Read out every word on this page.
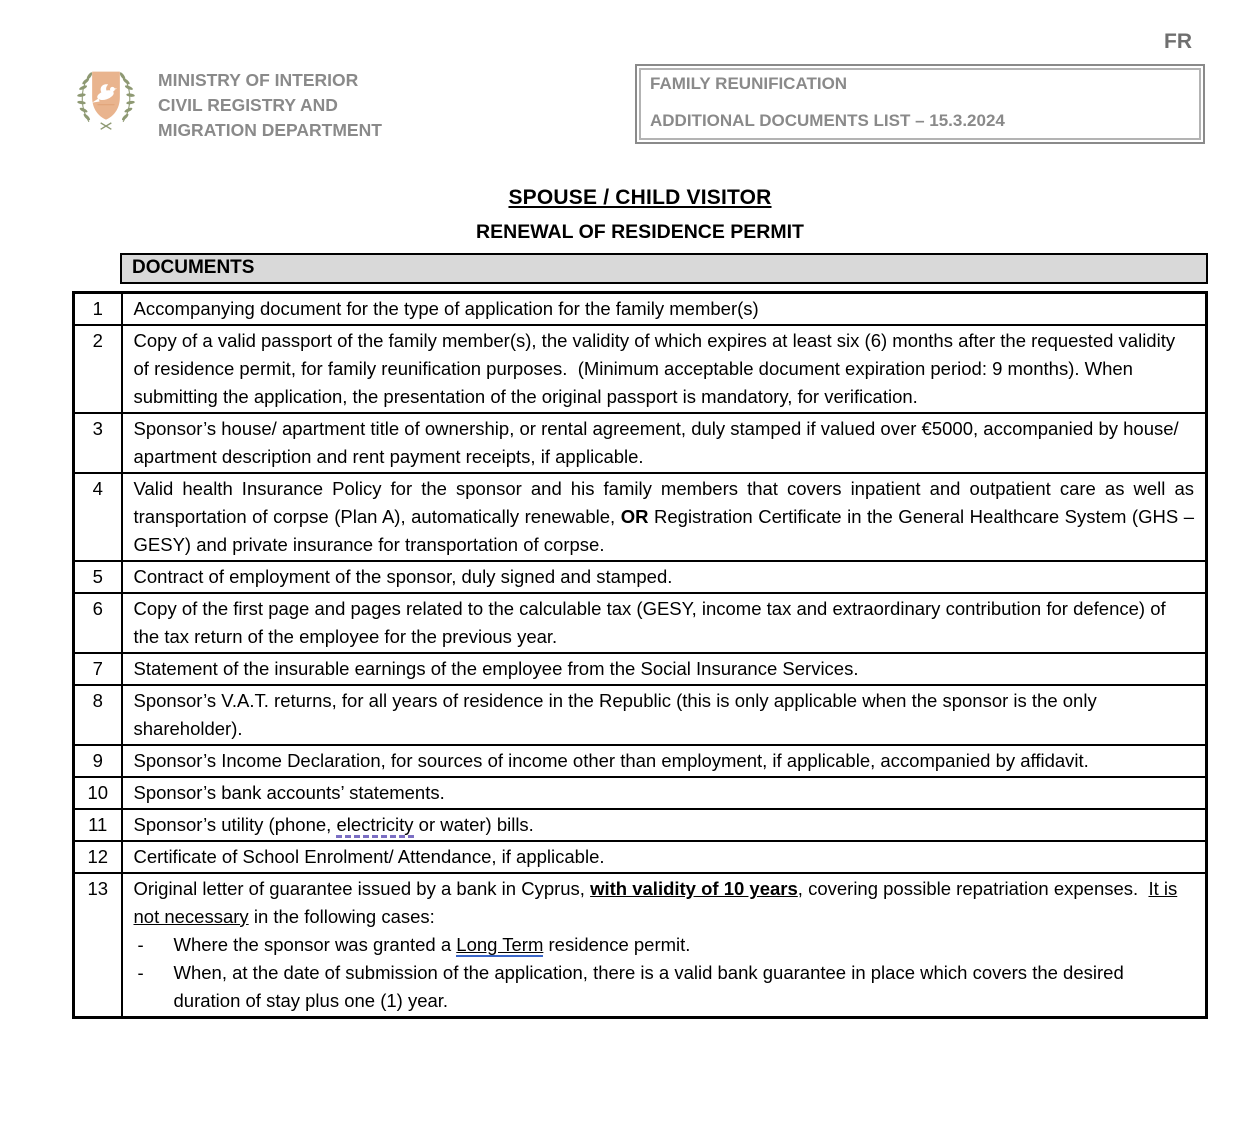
FR
MINISTRY OF INTERIOR
CIVIL REGISTRY AND
MIGRATION DEPARTMENT
FAMILY REUNIFICATION
ADDITIONAL DOCUMENTS LIST – 15.3.2024
SPOUSE / CHILD VISITOR
RENEWAL OF RESIDENCE PERMIT
DOCUMENTS
1	Accompanying document for the type of application for the family member(s)

2	Copy of a valid passport of the family member(s), the validity of which expires at least six (6) months after the requested validity of residence permit, for family reunification purposes.  (Minimum acceptable document expiration period: 9 months). When submitting the application, the presentation of the original passport is mandatory, for verification.

3	Sponsor’s house/ apartment title of ownership, or rental agreement, duly stamped if valued over €5000, accompanied by house/ apartment description and rent payment receipts, if applicable.

4	Valid health Insurance Policy for the sponsor and his family members that covers inpatient and outpatient care as well as transportation of corpse (Plan A), automatically renewable, OR Registration Certificate in the General Healthcare System (GHS – GESY) and private insurance for transportation of corpse.

5	Contract of employment of the sponsor, duly signed and stamped.

6	Copy of the first page and pages related to the calculable tax (GESY, income tax and extraordinary contribution for defence) of the tax return of the employee for the previous year.

7	Statement of the insurable earnings of the employee from the Social Insurance Services.

8	Sponsor’s V.A.T. returns, for all years of residence in the Republic (this is only applicable when the sponsor is the only shareholder).

9	Sponsor’s Income Declaration, for sources of income other than employment, if applicable, accompanied by affidavit.

10	Sponsor’s bank accounts’ statements.

11	Sponsor’s utility (phone, electricity or water) bills.

12	Certificate of School Enrolment/ Attendance, if applicable.

13	Original letter of guarantee issued by a bank in Cyprus, with validity of 10 years, covering possible repatriation expenses.  It is not necessary in the following cases:
- Where the sponsor was granted a Long Term residence permit.
- When, at the date of submission of the application, there is a valid bank guarantee in place which covers the desired duration of stay plus one (1) year.
